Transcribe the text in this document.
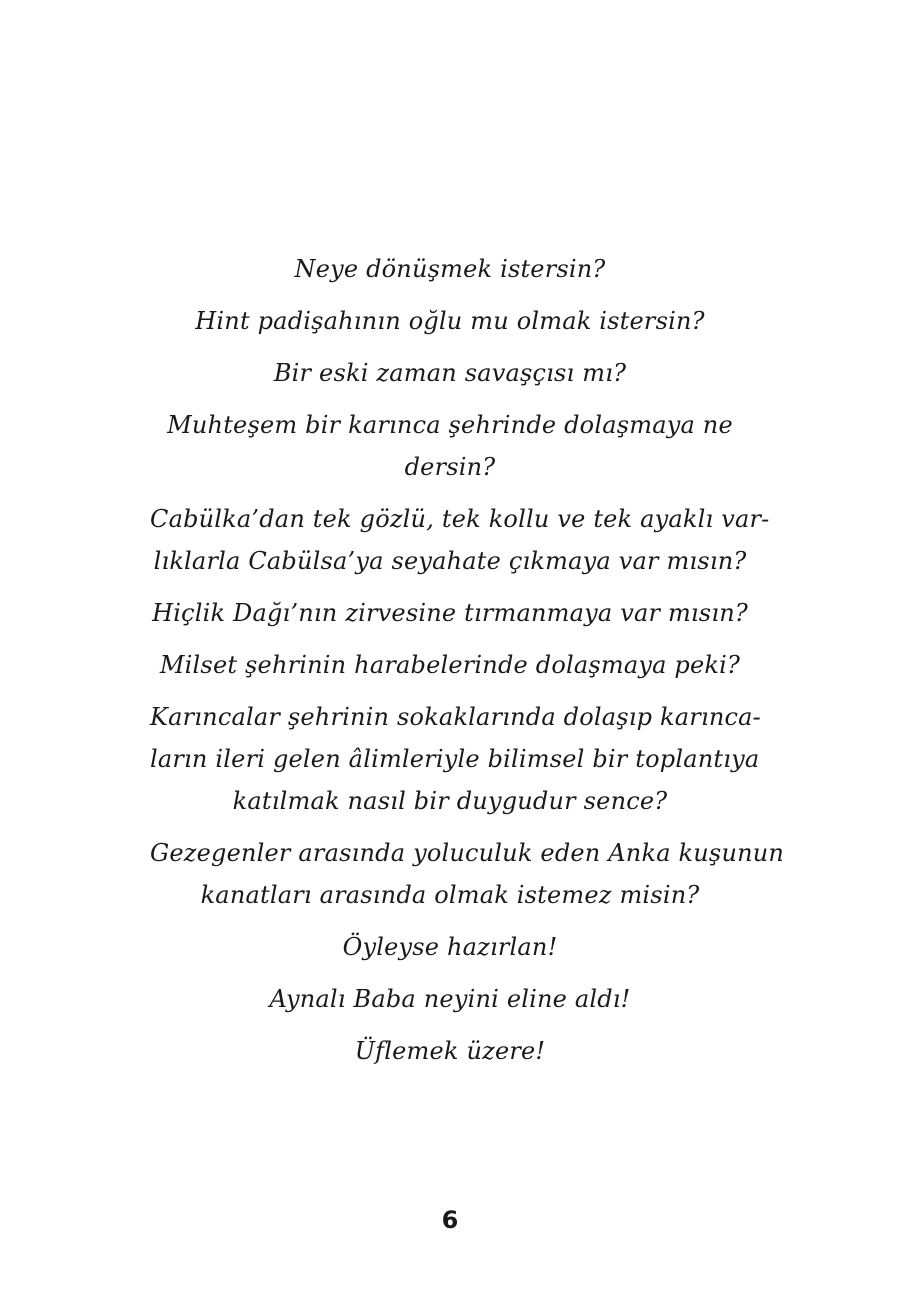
Neye dönüşmek istersin?

Hint padişahının oğlu mu olmak istersin?

Bir eski zaman savaşçısı mı?

Muhteşem bir karınca şehrinde dolaşmaya ne
dersin?

Cabülka’dan tek gözlü, tek kollu ve tek ayaklı var-
lıklarla Cabülsa’ya seyahate çıkmaya var mısın?

Hiçlik Dağı’nın zirvesine tırmanmaya var mısın?

Milset şehrinin harabelerinde dolaşmaya peki?

Karıncalar şehrinin sokaklarında dolaşıp karınca-
ların ileri gelen âlimleriyle bilimsel bir toplantıya
katılmak nasıl bir duygudur sence?

Gezegenler arasında yoluculuk eden Anka kuşunun
kanatları arasında olmak istemez misin?

Öyleyse hazırlan!

Aynalı Baba neyini eline aldı!

Üflemek üzere!

6
